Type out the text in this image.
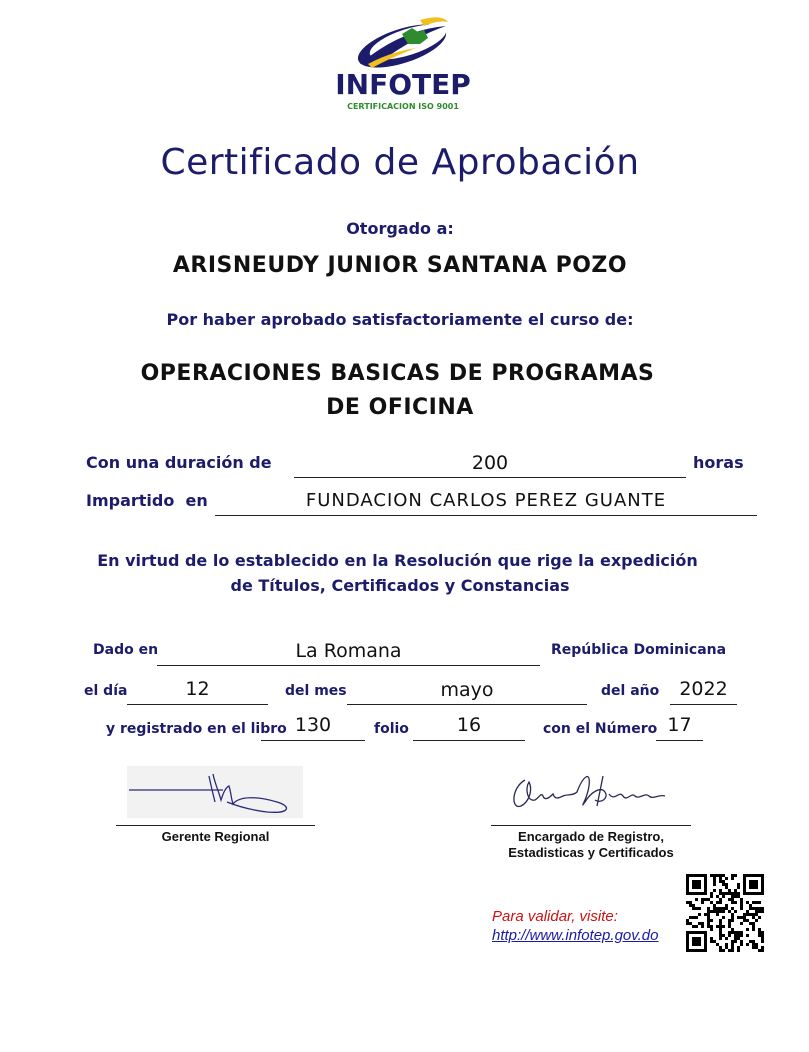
INFOTEP
CERTIFICACION ISO 9001
Certificado de Aprobación
Otorgado a:
ARISNEUDY JUNIOR SANTANA POZO
Por haber aprobado satisfactoriamente el curso de:
OPERACIONES BASICAS DE PROGRAMAS
DE OFICINA
Con una duración de	200	horas
Impartido  en	FUNDACION CARLOS PEREZ GUANTE
En virtud de lo establecido en la Resolución que rige la expedición
de Títulos, Certificados y Constancias
Dado en	La Romana	República Dominicana
el día	12	del mes	mayo	del año	2022
y registrado en el libro 130	folio	16	con el Número 17
Gerente Regional	Encargado de Registro,
Estadisticas y Certificados
Para validar, visite:
http://www.infotep.gov.do
